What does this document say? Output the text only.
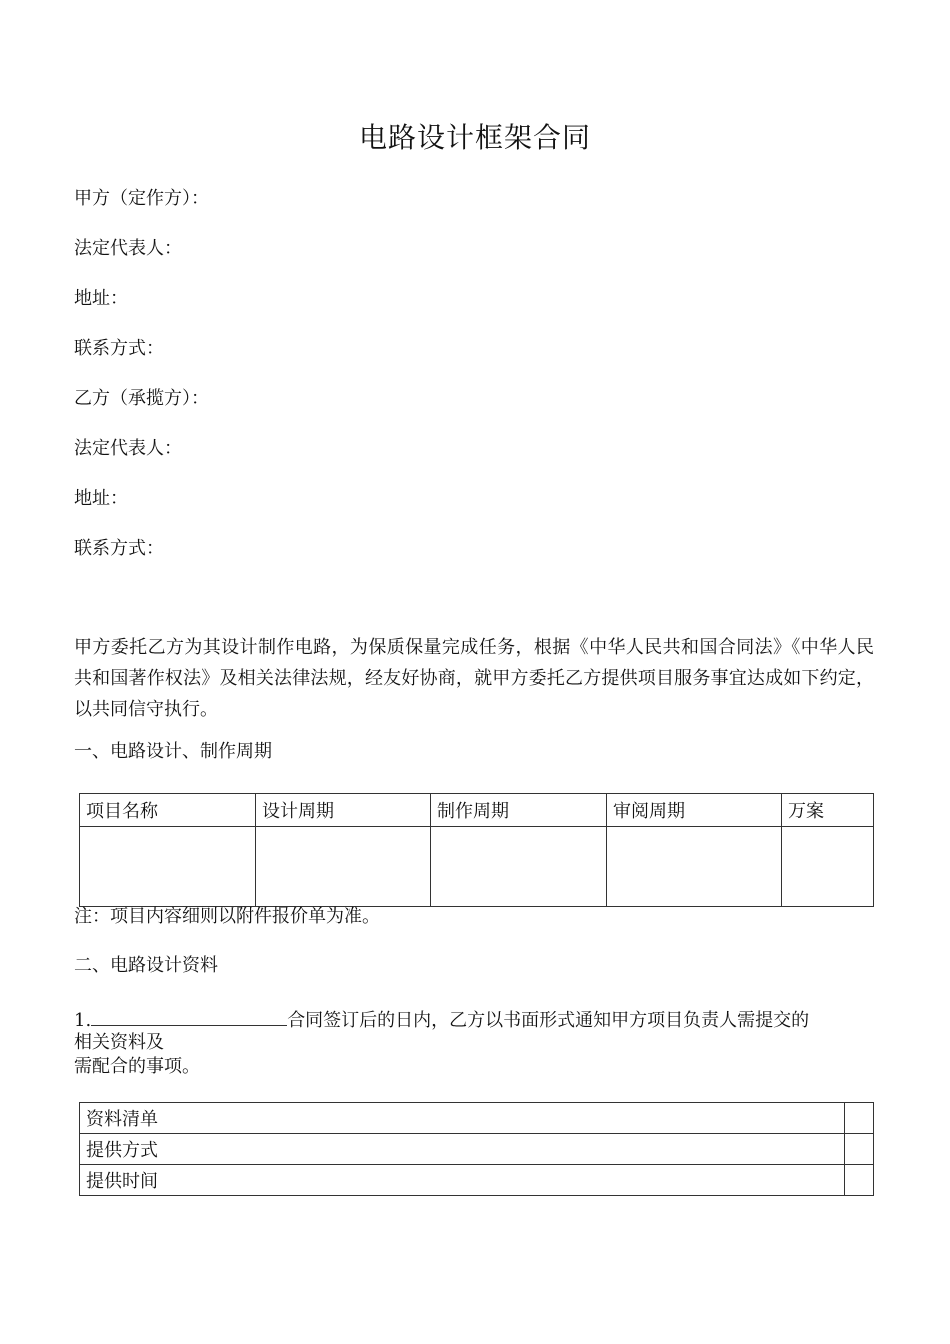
电路设计框架合同
甲方（定作方）：
法定代表人：
地址：
联系方式：
乙方（承揽方）：
法定代表人：
地址：
联系方式：
甲方委托乙方为其设计制作电路，为保质保量完成任务，根据《中华人民共和国合同法》《中华人民共和国著作权法》及相关法律法规，经友好协商，就甲方委托乙方提供项目服务事宜达成如下约定，以共同信守执行。
一、电路设计、制作周期
项目名称	设计周期	制作周期	审阅周期	万案

注：项目内容细则以附件报价单为准。
二、电路设计资料
1.	合同签订后的日内，乙方以书面形式通知甲方项目负责人需提交的
相关资料及
需配合的事项。
资料清单	
提供方式	
提供时间	
